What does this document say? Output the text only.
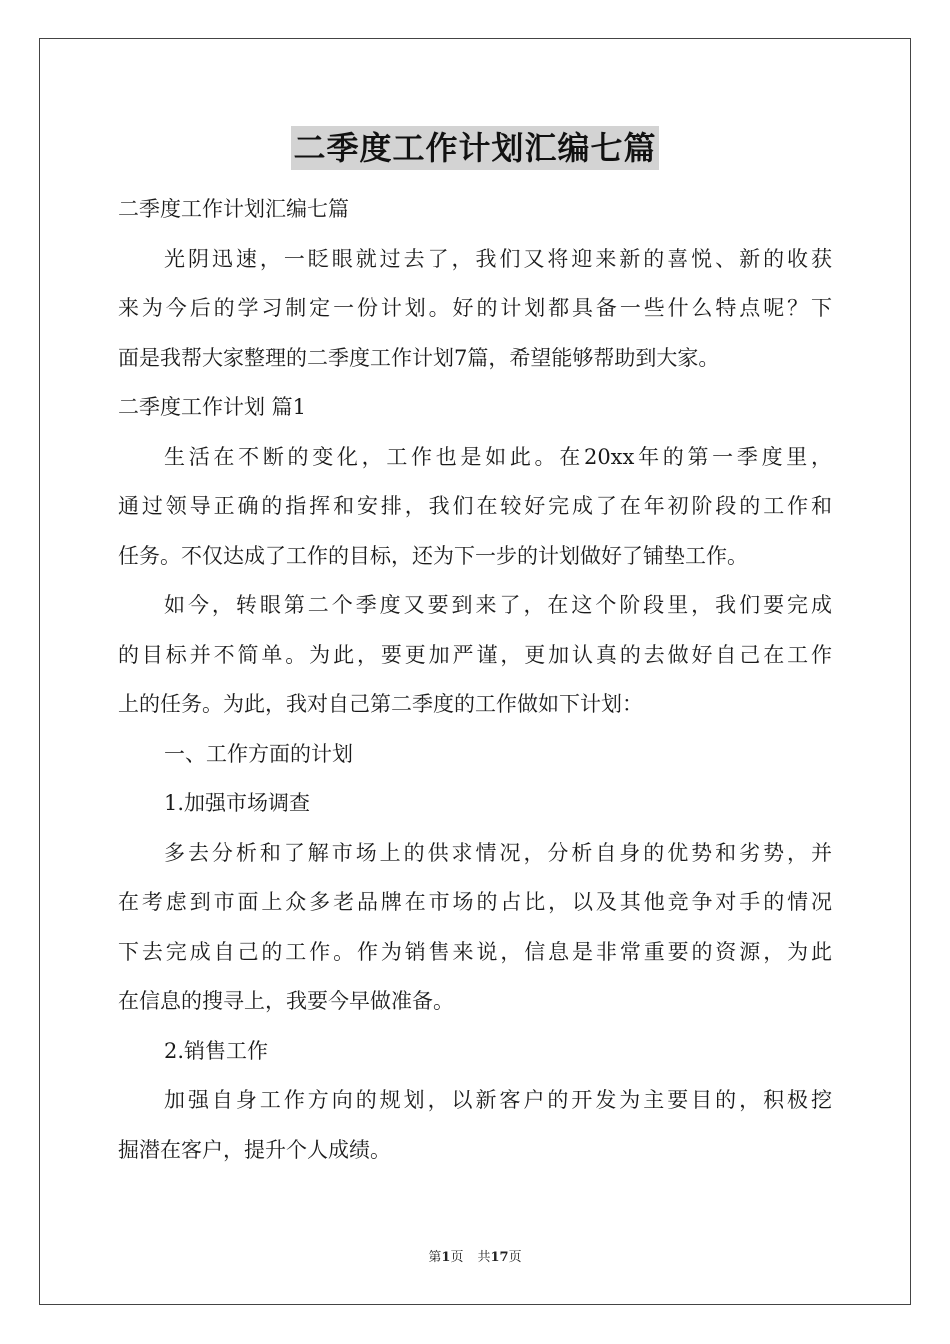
二季度工作计划汇编七篇
二季度工作计划汇编七篇
光阴迅速，一眨眼就过去了，我们又将迎来新的喜悦、新的收获
来为今后的学习制定一份计划。好的计划都具备一些什么特点呢？下
面是我帮大家整理的二季度工作计划7篇，希望能够帮助到大家。
二季度工作计划 篇1
生活在不断的变化，工作也是如此。在20xx年的第一季度里，
通过领导正确的指挥和安排，我们在较好完成了在年初阶段的工作和
任务。不仅达成了工作的目标，还为下一步的计划做好了铺垫工作。
如今，转眼第二个季度又要到来了，在这个阶段里，我们要完成
的目标并不简单。为此，要更加严谨，更加认真的去做好自己在工作
上的任务。为此，我对自己第二季度的工作做如下计划：
一、工作方面的计划
1.加强市场调查
多去分析和了解市场上的供求情况，分析自身的优势和劣势，并
在考虑到市面上众多老品牌在市场的占比，以及其他竞争对手的情况
下去完成自己的工作。作为销售来说，信息是非常重要的资源，为此
在信息的搜寻上，我要今早做准备。
2.销售工作
加强自身工作方向的规划，以新客户的开发为主要目的，积极挖
掘潜在客户，提升个人成绩。
第1页 共17页
